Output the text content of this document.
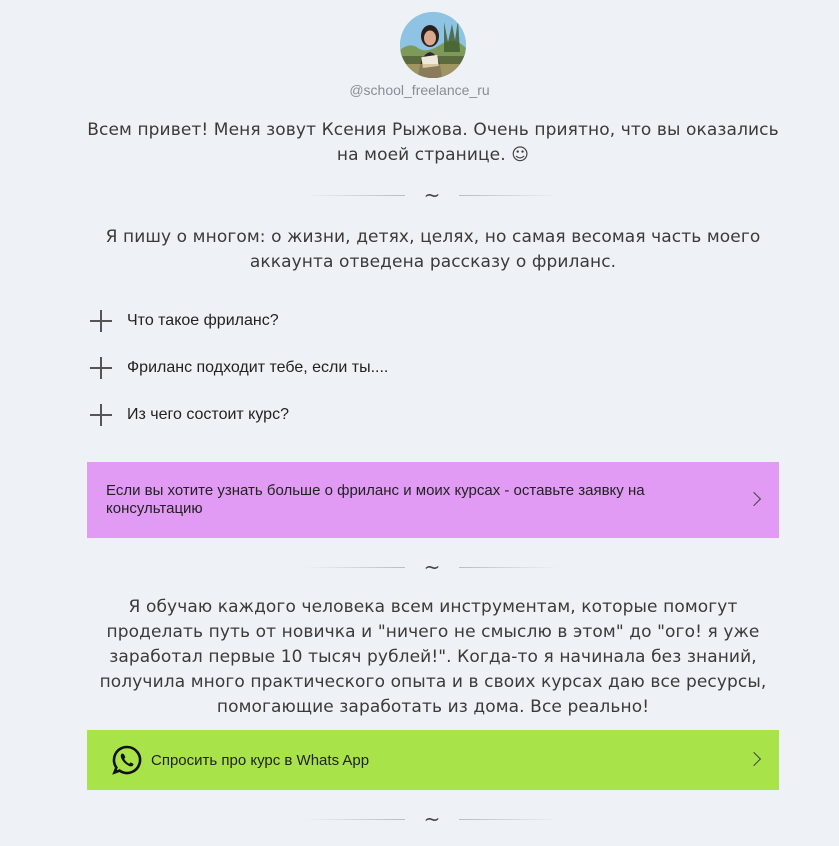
@school_freelance_ru
Всем привет! Меня зовут Ксения Рыжова. Очень приятно, что вы оказались на моей странице. ☺
~
Я пишу о многом: о жизни, детях, целях, но самая весомая часть моего аккаунта отведена рассказу о фриланс.
Что такое фриланс?
Фриланс подходит тебе, если ты....
Из чего состоит курс?
Если вы хотите узнать больше о фриланс и моих курсах - оставьте заявку на консультацию
~
Я обучаю каждого человека всем инструментам, которые помогут проделать путь от новичка и "ничего не смыслю в этом" до "ого! я уже заработал первые 10 тысяч рублей!". Когда-то я начинала без знаний, получила много практического опыта и в своих курсах даю все ресурсы, помогающие заработать из дома. Все реально!
Спросить про курс в Whats App
~
